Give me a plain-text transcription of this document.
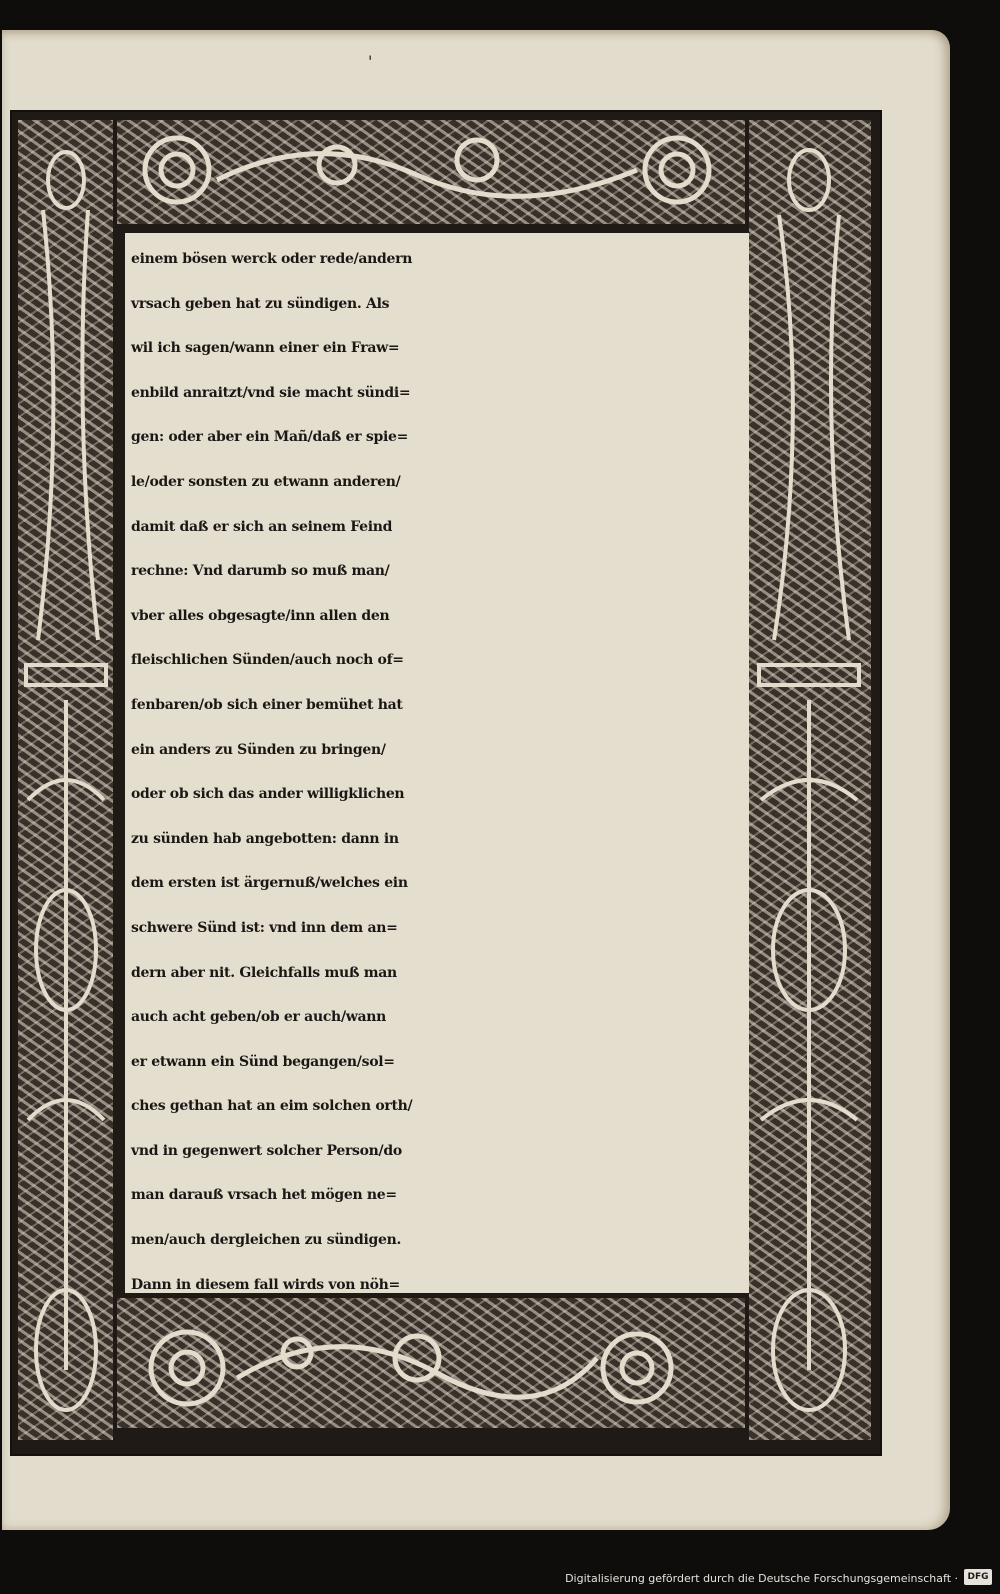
'
einem bösen werck oder rede/andern
vrsach geben hat zu sündigen. Als
wil ich sagen/wann einer ein Fraw=
enbild anraitzt/vnd sie macht sündi=
gen: oder aber ein Mañ/daß er spie=
le/oder sonsten zu etwann anderen/
damit daß er sich an seinem Feind
rechne: Vnd darumb so muß man/
vber alles obgesagte/inn allen den
fleischlichen Sünden/auch noch of=
fenbaren/ob sich einer bemühet hat
ein anders zu Sünden zu bringen/
oder ob sich das ander willigklichen
zu sünden hab angebotten: dann in
dem ersten ist ärgernuß/welches ein
schwere Sünd ist: vnd inn dem an=
dern aber nit. Gleichfalls muß man
auch acht geben/ob er auch/wann
er etwann ein Sünd begangen/sol=
ches gethan hat an eim solchen orth/
vnd in gegenwert solcher Person/do
man darauß vrsach het mögen ne=
men/auch dergleichen zu sündigen.
Dann in diesem fall wirds von nöh=
Digitalisierung gefördert durch die Deutsche Forschungsgemeinschaft ·	DFG
